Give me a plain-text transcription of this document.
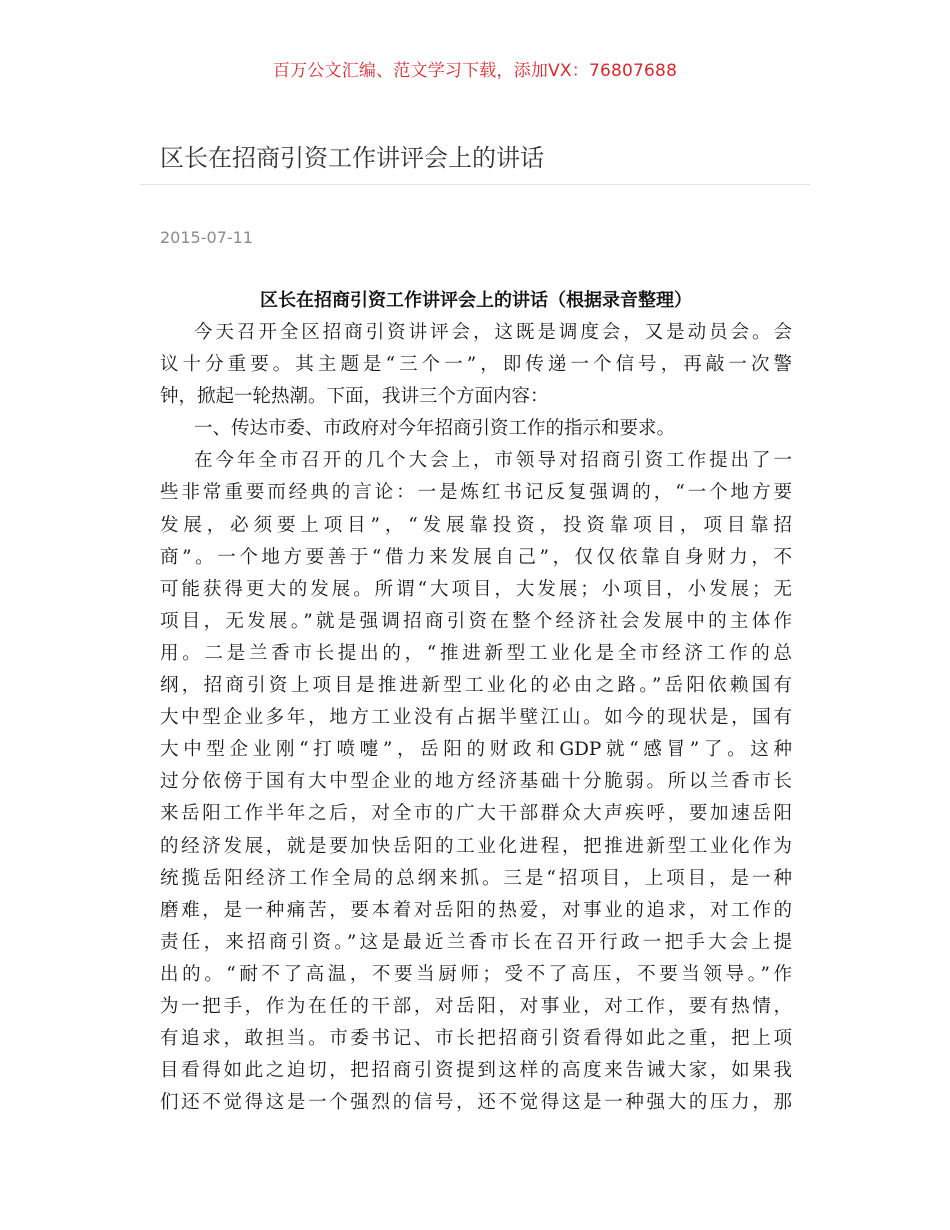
百万公文汇编、范文学习下载，添加VX：76807688
区长在招商引资工作讲评会上的讲话
2015-07-11
区长在招商引资工作讲评会上的讲话（根据录音整理）
今天召开全区招商引资讲评会，这既是调度会，又是动员会。会
议十分重要。其主题是“三个一”，即传递一个信号，再敲一次警
钟，掀起一轮热潮。下面，我讲三个方面内容：
一、传达市委、市政府对今年招商引资工作的指示和要求。
在今年全市召开的几个大会上，市领导对招商引资工作提出了一
些非常重要而经典的言论：一是炼红书记反复强调的，“一个地方要
发展，必须要上项目”，“发展靠投资，投资靠项目，项目靠招
商”。一个地方要善于“借力来发展自己”，仅仅依靠自身财力，不
可能获得更大的发展。所谓“大项目，大发展；小项目，小发展；无
项目，无发展。”就是强调招商引资在整个经济社会发展中的主体作
用。二是兰香市长提出的，“推进新型工业化是全市经济工作的总
纲，招商引资上项目是推进新型工业化的必由之路。”岳阳依赖国有
大中型企业多年，地方工业没有占据半壁江山。如今的现状是，国有
大中型企业刚“打喷嚏”，岳阳的财政和GDP就“感冒”了。这种
过分依傍于国有大中型企业的地方经济基础十分脆弱。所以兰香市长
来岳阳工作半年之后，对全市的广大干部群众大声疾呼，要加速岳阳
的经济发展，就是要加快岳阳的工业化进程，把推进新型工业化作为
统揽岳阳经济工作全局的总纲来抓。三是“招项目，上项目，是一种
磨难，是一种痛苦，要本着对岳阳的热爱，对事业的追求，对工作的
责任，来招商引资。”这是最近兰香市长在召开行政一把手大会上提
出的。“耐不了高温，不要当厨师；受不了高压，不要当领导。”作
为一把手，作为在任的干部，对岳阳，对事业，对工作，要有热情，
有追求，敢担当。市委书记、市长把招商引资看得如此之重，把上项
目看得如此之迫切，把招商引资提到这样的高度来告诫大家，如果我
们还不觉得这是一个强烈的信号，还不觉得这是一种强大的压力，那
